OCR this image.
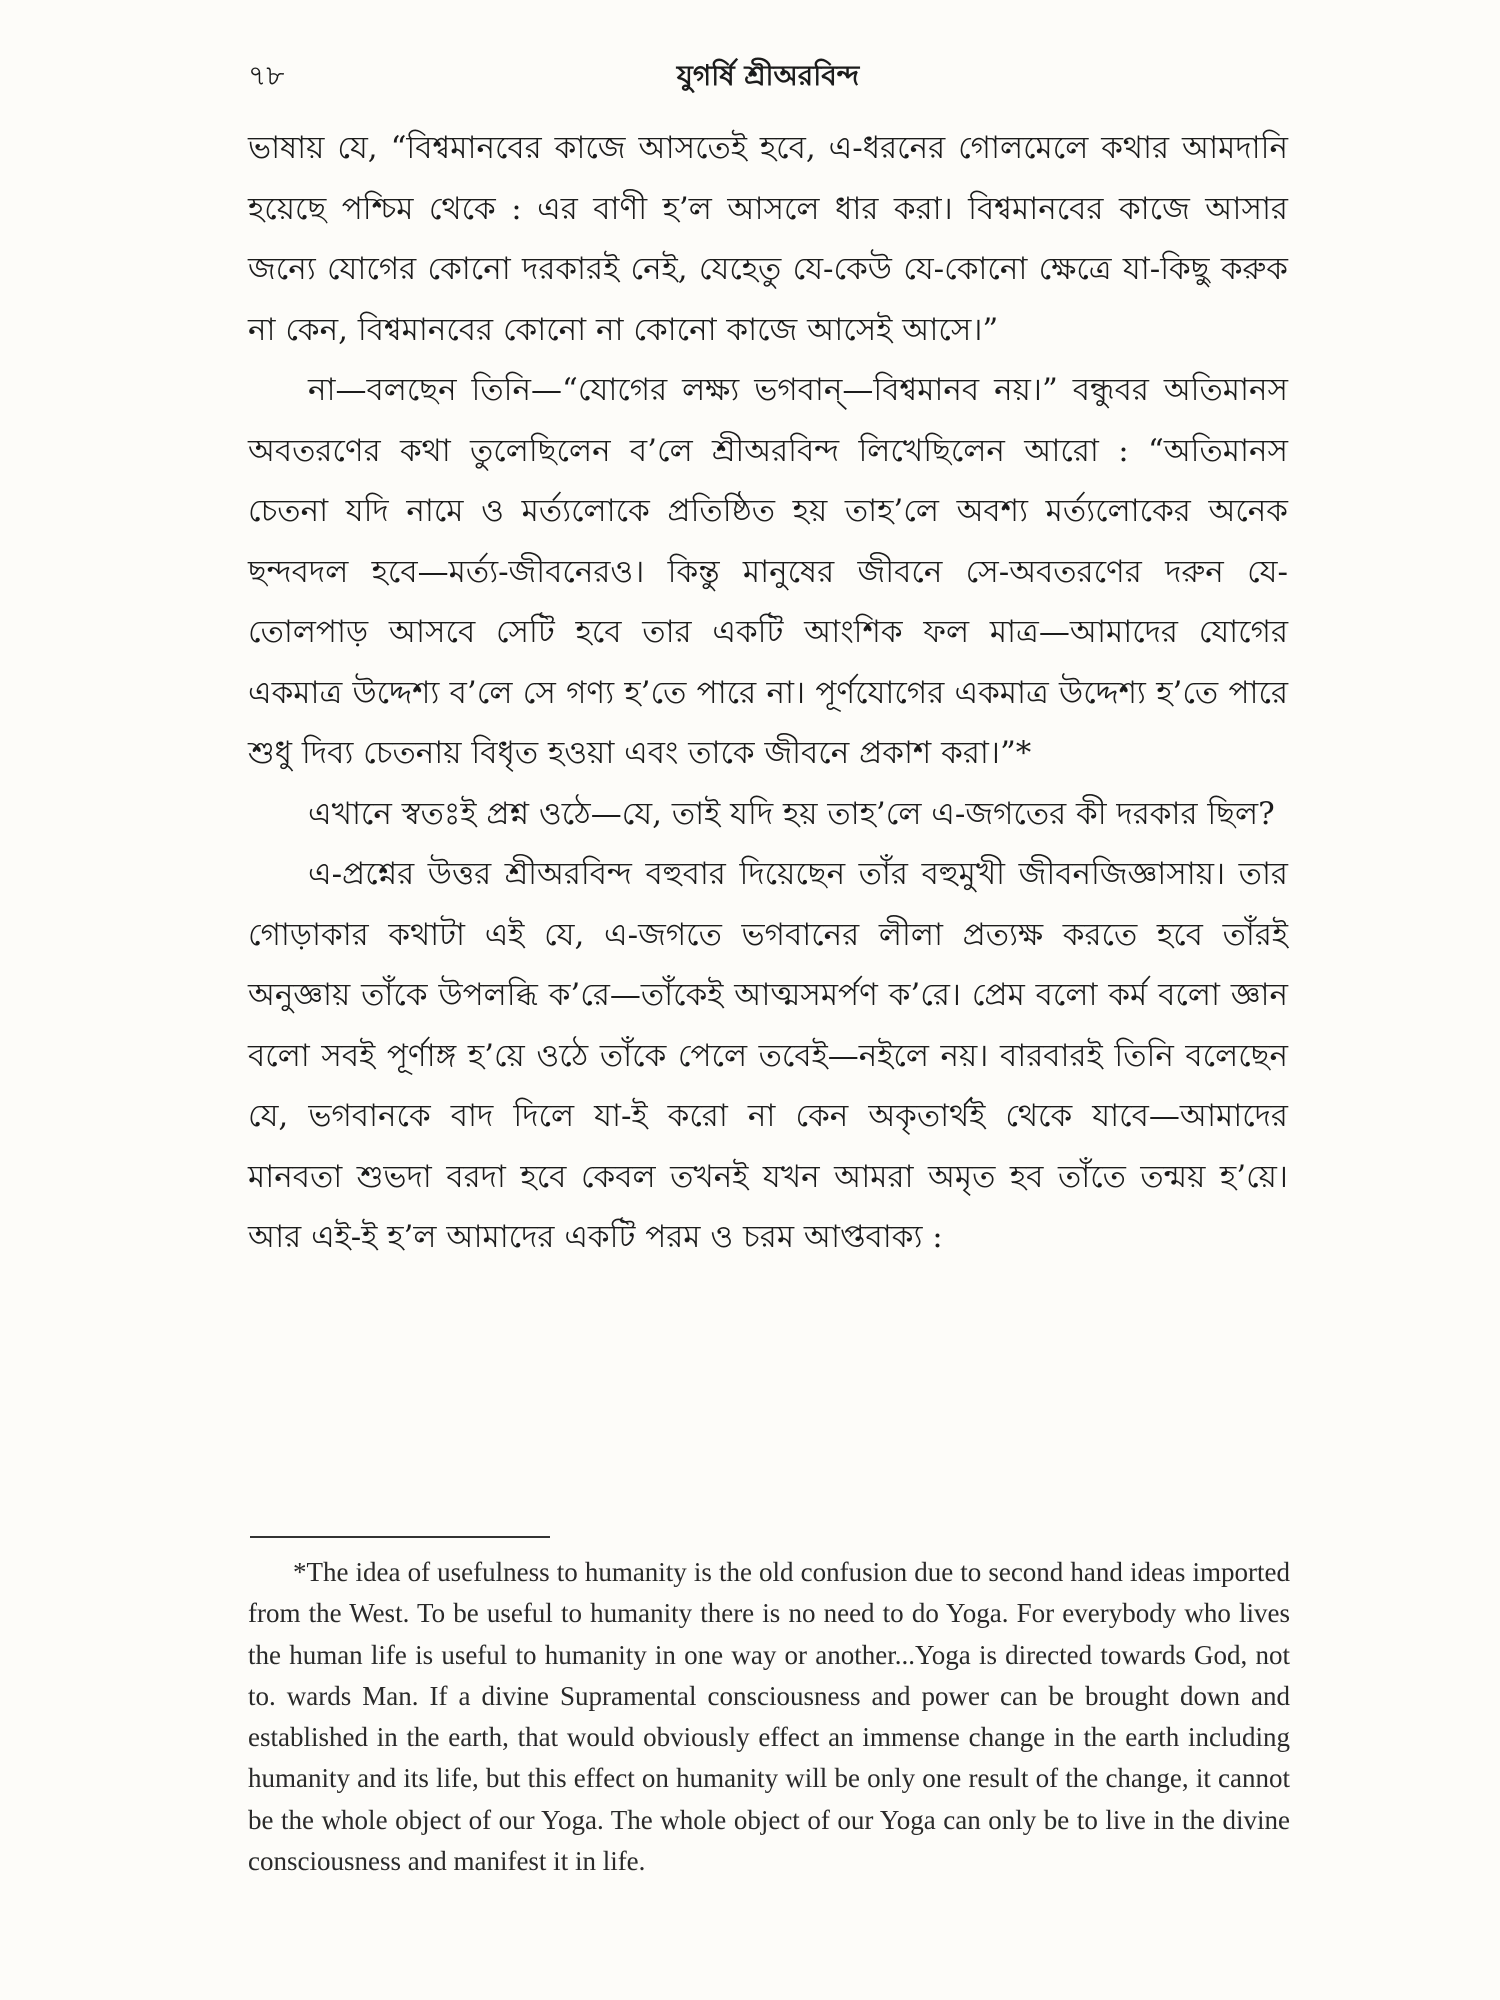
৭৮	যুগর্ষি শ্রীঅরবিন্দ

ভাষায় যে, “বিশ্বমানবের কাজে আসতেই হবে, এ-ধরনের গোলমেলে কথার আমদানি হয়েছে পশ্চিম থেকে : এর বাণী হ’ল আসলে ধার করা। বিশ্বমানবের কাজে আসার জন্যে যোগের কোনো দরকারই নেই, যেহেতু যে-কেউ যে-কোনো ক্ষেত্রে যা-কিছু করুক না কেন, বিশ্বমানবের কোনো না কোনো কাজে আসেই আসে।”

না—বলছেন তিনি—“যোগের লক্ষ্য ভগবান্—বিশ্বমানব নয়।” বন্ধুবর অতিমানস অবতরণের কথা তুলেছিলেন ব’লে শ্রীঅরবিন্দ লিখেছিলেন আরো : “অতিমানস চেতনা যদি নামে ও মর্ত্যলোকে প্রতিষ্ঠিত হয় তাহ’লে অবশ্য মর্ত্যলোকের অনেক ছন্দবদল হবে—মর্ত্য-জীবনেরও। কিন্তু মানুষের জীবনে সে-অবতরণের দরুন যে-তোলপাড় আসবে সেটি হবে তার একটি আংশিক ফল মাত্র—আমাদের যোগের একমাত্র উদ্দেশ্য ব’লে সে গণ্য হ’তে পারে না। পূর্ণযোগের একমাত্র উদ্দেশ্য হ’তে পারে শুধু দিব্য চেতনায় বিধৃত হওয়া এবং তাকে জীবনে প্রকাশ করা।”*

এখানে স্বতঃই প্রশ্ন ওঠে—যে, তাই যদি হয় তাহ’লে এ-জগতের কী দরকার ছিল?

এ-প্রশ্নের উত্তর শ্রীঅরবিন্দ বহুবার দিয়েছেন তাঁর বহুমুখী জীবনজিজ্ঞাসায়। তার গোড়াকার কথাটা এই যে, এ-জগতে ভগবানের লীলা প্রত্যক্ষ করতে হবে তাঁরই অনুজ্ঞায় তাঁকে উপলব্ধি ক’রে—তাঁকেই আত্মসমর্পণ ক’রে। প্রেম বলো কর্ম বলো জ্ঞান বলো সবই পূর্ণাঙ্গ হ’য়ে ওঠে তাঁকে পেলে তবেই—নইলে নয়। বারবারই তিনি বলেছেন যে, ভগবানকে বাদ দিলে যা-ই করো না কেন অকৃতার্থই থেকে যাবে—আমাদের মানবতা শুভদা বরদা হবে কেবল তখনই যখন আমরা অমৃত হব তাঁতে তন্ময় হ’য়ে। আর এই-ই হ’ল আমাদের একটি পরম ও চরম আপ্তবাক্য :

*The idea of usefulness to humanity is the old confusion due to second hand ideas imported from the West. To be useful to humanity there is no need to do Yoga. For everybody who lives the human life is useful to humanity in one way or another...Yoga is directed towards God, not to. wards Man. If a divine Supramental consciousness and power can be brought down and established in the earth, that would obviously effect an immense change in the earth including humanity and its life, but this effect on humanity will be only one result of the change, it cannot be the whole object of our Yoga. The whole object of our Yoga can only be to live in the divine consciousness and manifest it in life.
